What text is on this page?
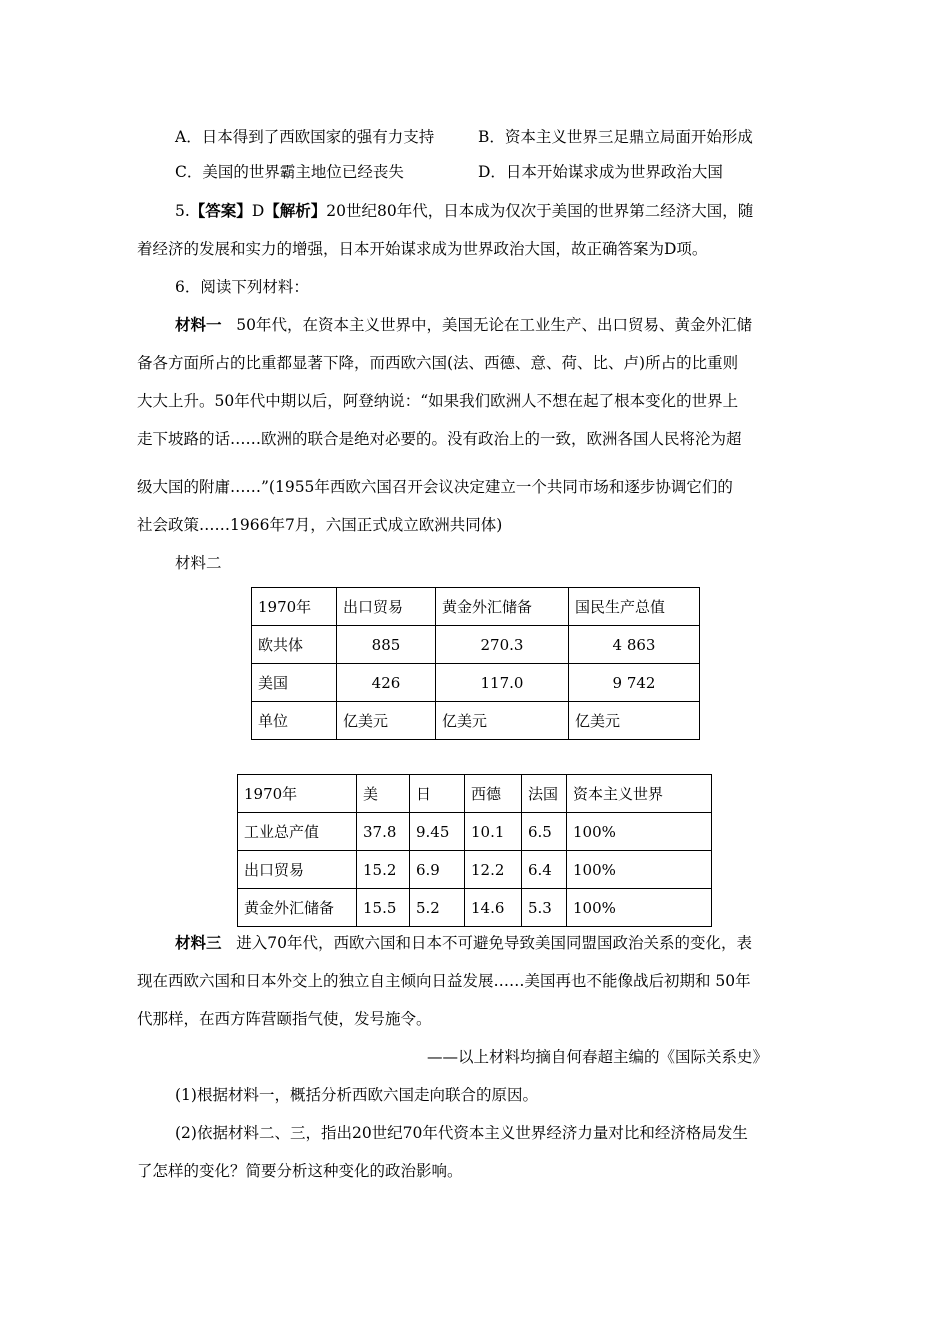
A．日本得到了西欧国家的强有力支持	B．资本主义世界三足鼎立局面开始形成
C．美国的世界霸主地位已经丧失	D．日本开始谋求成为世界政治大国
5.【答案】D【解析】20世纪80年代，日本成为仅次于美国的世界第二经济大国，随
着经济的发展和实力的增强，日本开始谋求成为世界政治大国，故正确答案为D项。
6．阅读下列材料：
材料一 50年代，在资本主义世界中，美国无论在工业生产、出口贸易、黄金外汇储
备各方面所占的比重都显著下降，而西欧六国(法、西德、意、荷、比、卢)所占的比重则
大大上升。50年代中期以后，阿登纳说：“如果我们欧洲人不想在起了根本变化的世界上
走下坡路的话……欧洲的联合是绝对必要的。没有政治上的一致，欧洲各国人民将沦为超
级大国的附庸……”(1955年西欧六国召开会议决定建立一个共同市场和逐步协调它们的
社会政策……1966年7月，六国正式成立欧洲共同体)
材料二
1970年	出口贸易	黄金外汇储备	国民生产总值
欧共体	885	270.3	4 863
美国	426	117.0	9 742
单位	亿美元	亿美元	亿美元
1970年	美	日	西德	法国	资本主义世界
工业总产值	37.8	9.45	10.1	6.5	100%
出口贸易	15.2	6.9	12.2	6.4	100%
黄金外汇储备	15.5	5.2	14.6	5.3	100%
材料三 进入70年代，西欧六国和日本不可避免导致美国同盟国政治关系的变化，表
现在西欧六国和日本外交上的独立自主倾向日益发展……美国再也不能像战后初期和 50年
代那样，在西方阵营颐指气使，发号施令。
——以上材料均摘自何春超主编的《国际关系史》
(1)根据材料一，概括分析西欧六国走向联合的原因。
(2)依据材料二、三，指出20世纪70年代资本主义世界经济力量对比和经济格局发生
了怎样的变化？简要分析这种变化的政治影响。
